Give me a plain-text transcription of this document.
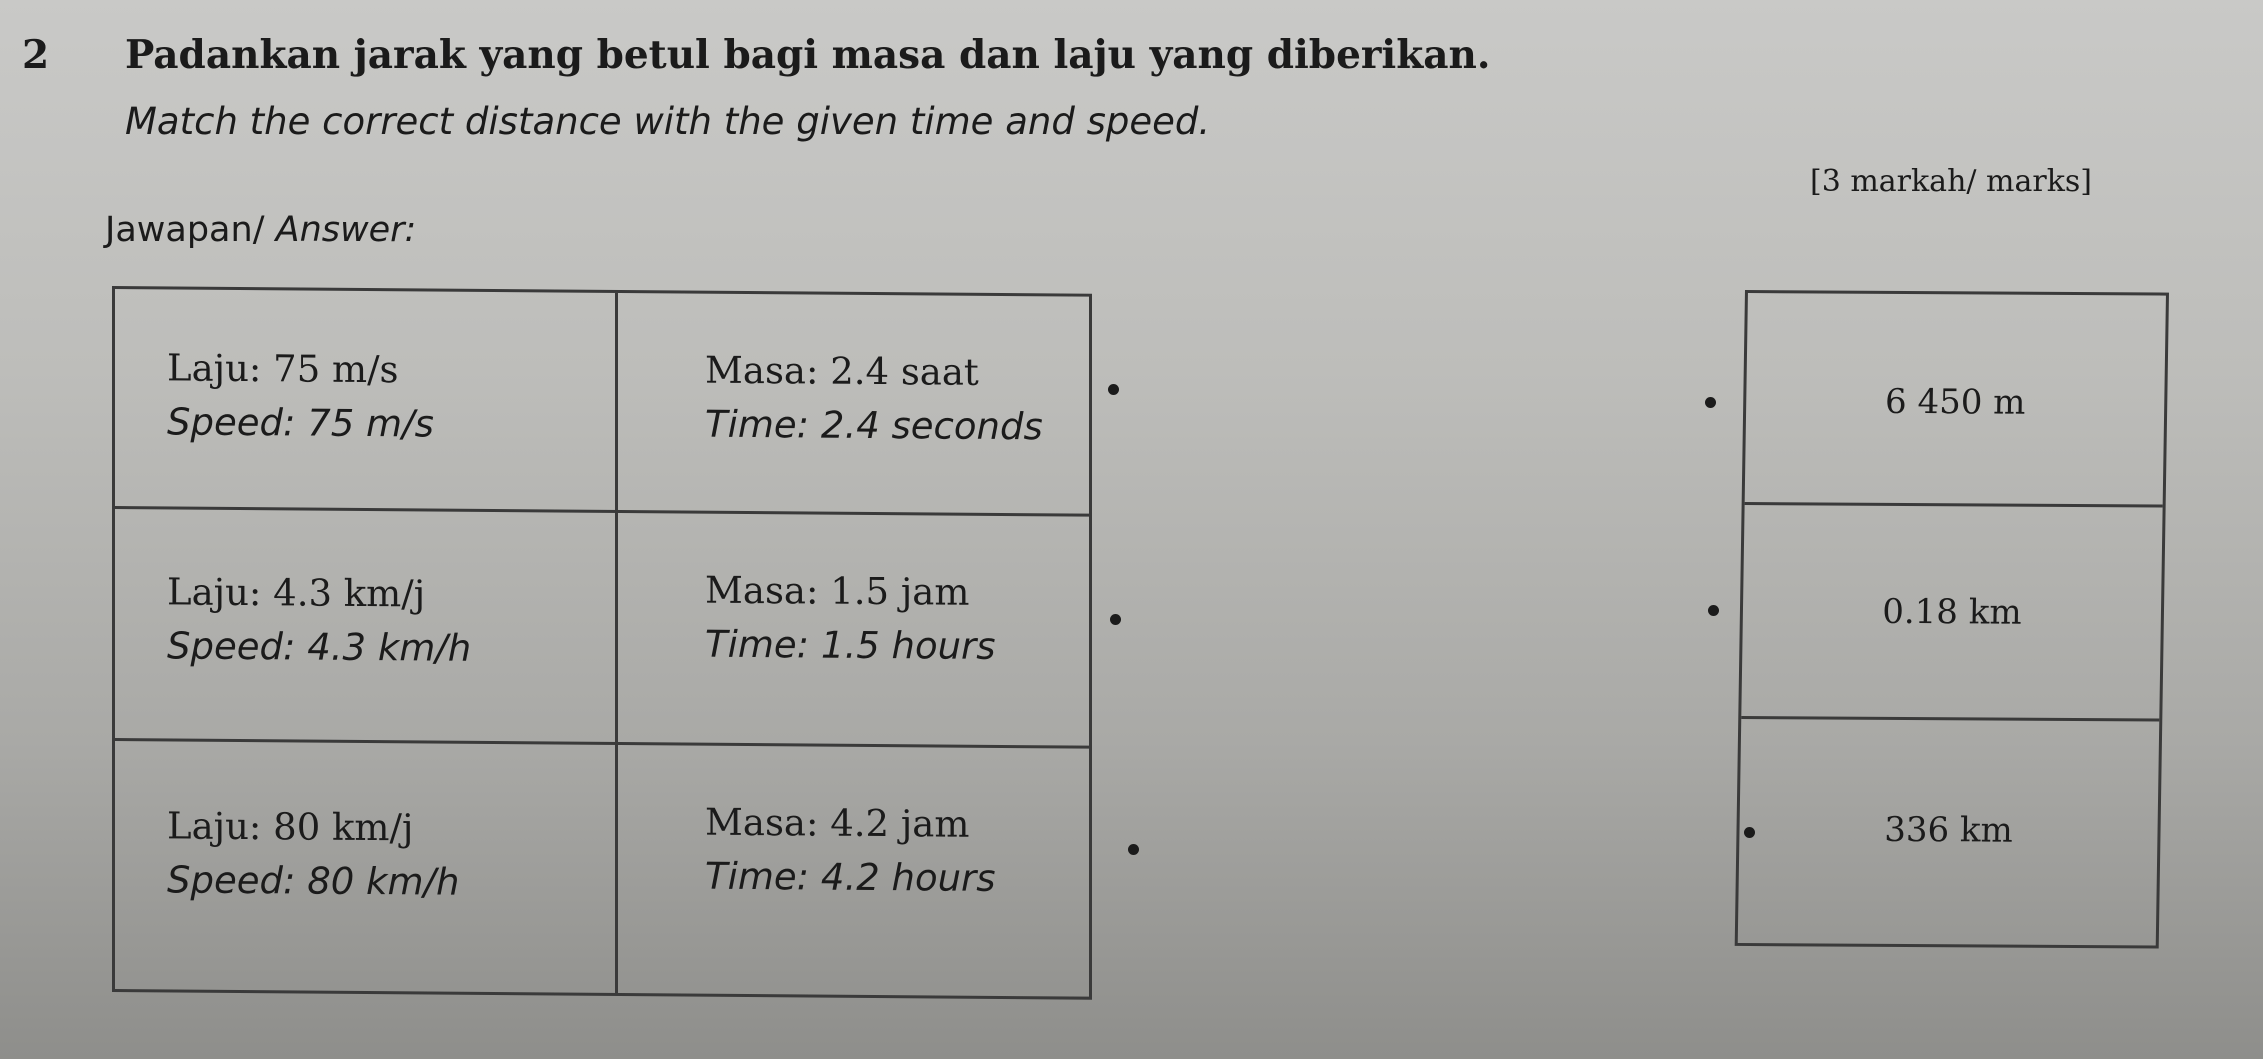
2 Padankan jarak yang betul bagi masa dan laju yang diberikan.
Match the correct distance with the given time and speed.
[3 markah/ marks]
Jawapan/ Answer:
Laju: 75 m/s
Speed: 75 m/s
Masa: 2.4 saat
Time: 2.4 seconds
Laju: 4.3 km/j
Speed: 4.3 km/h
Masa: 1.5 jam
Time: 1.5 hours
Laju: 80 km/j
Speed: 80 km/h
Masa: 4.2 jam
Time: 4.2 hours
6 450 m
0.18 km
336 km
